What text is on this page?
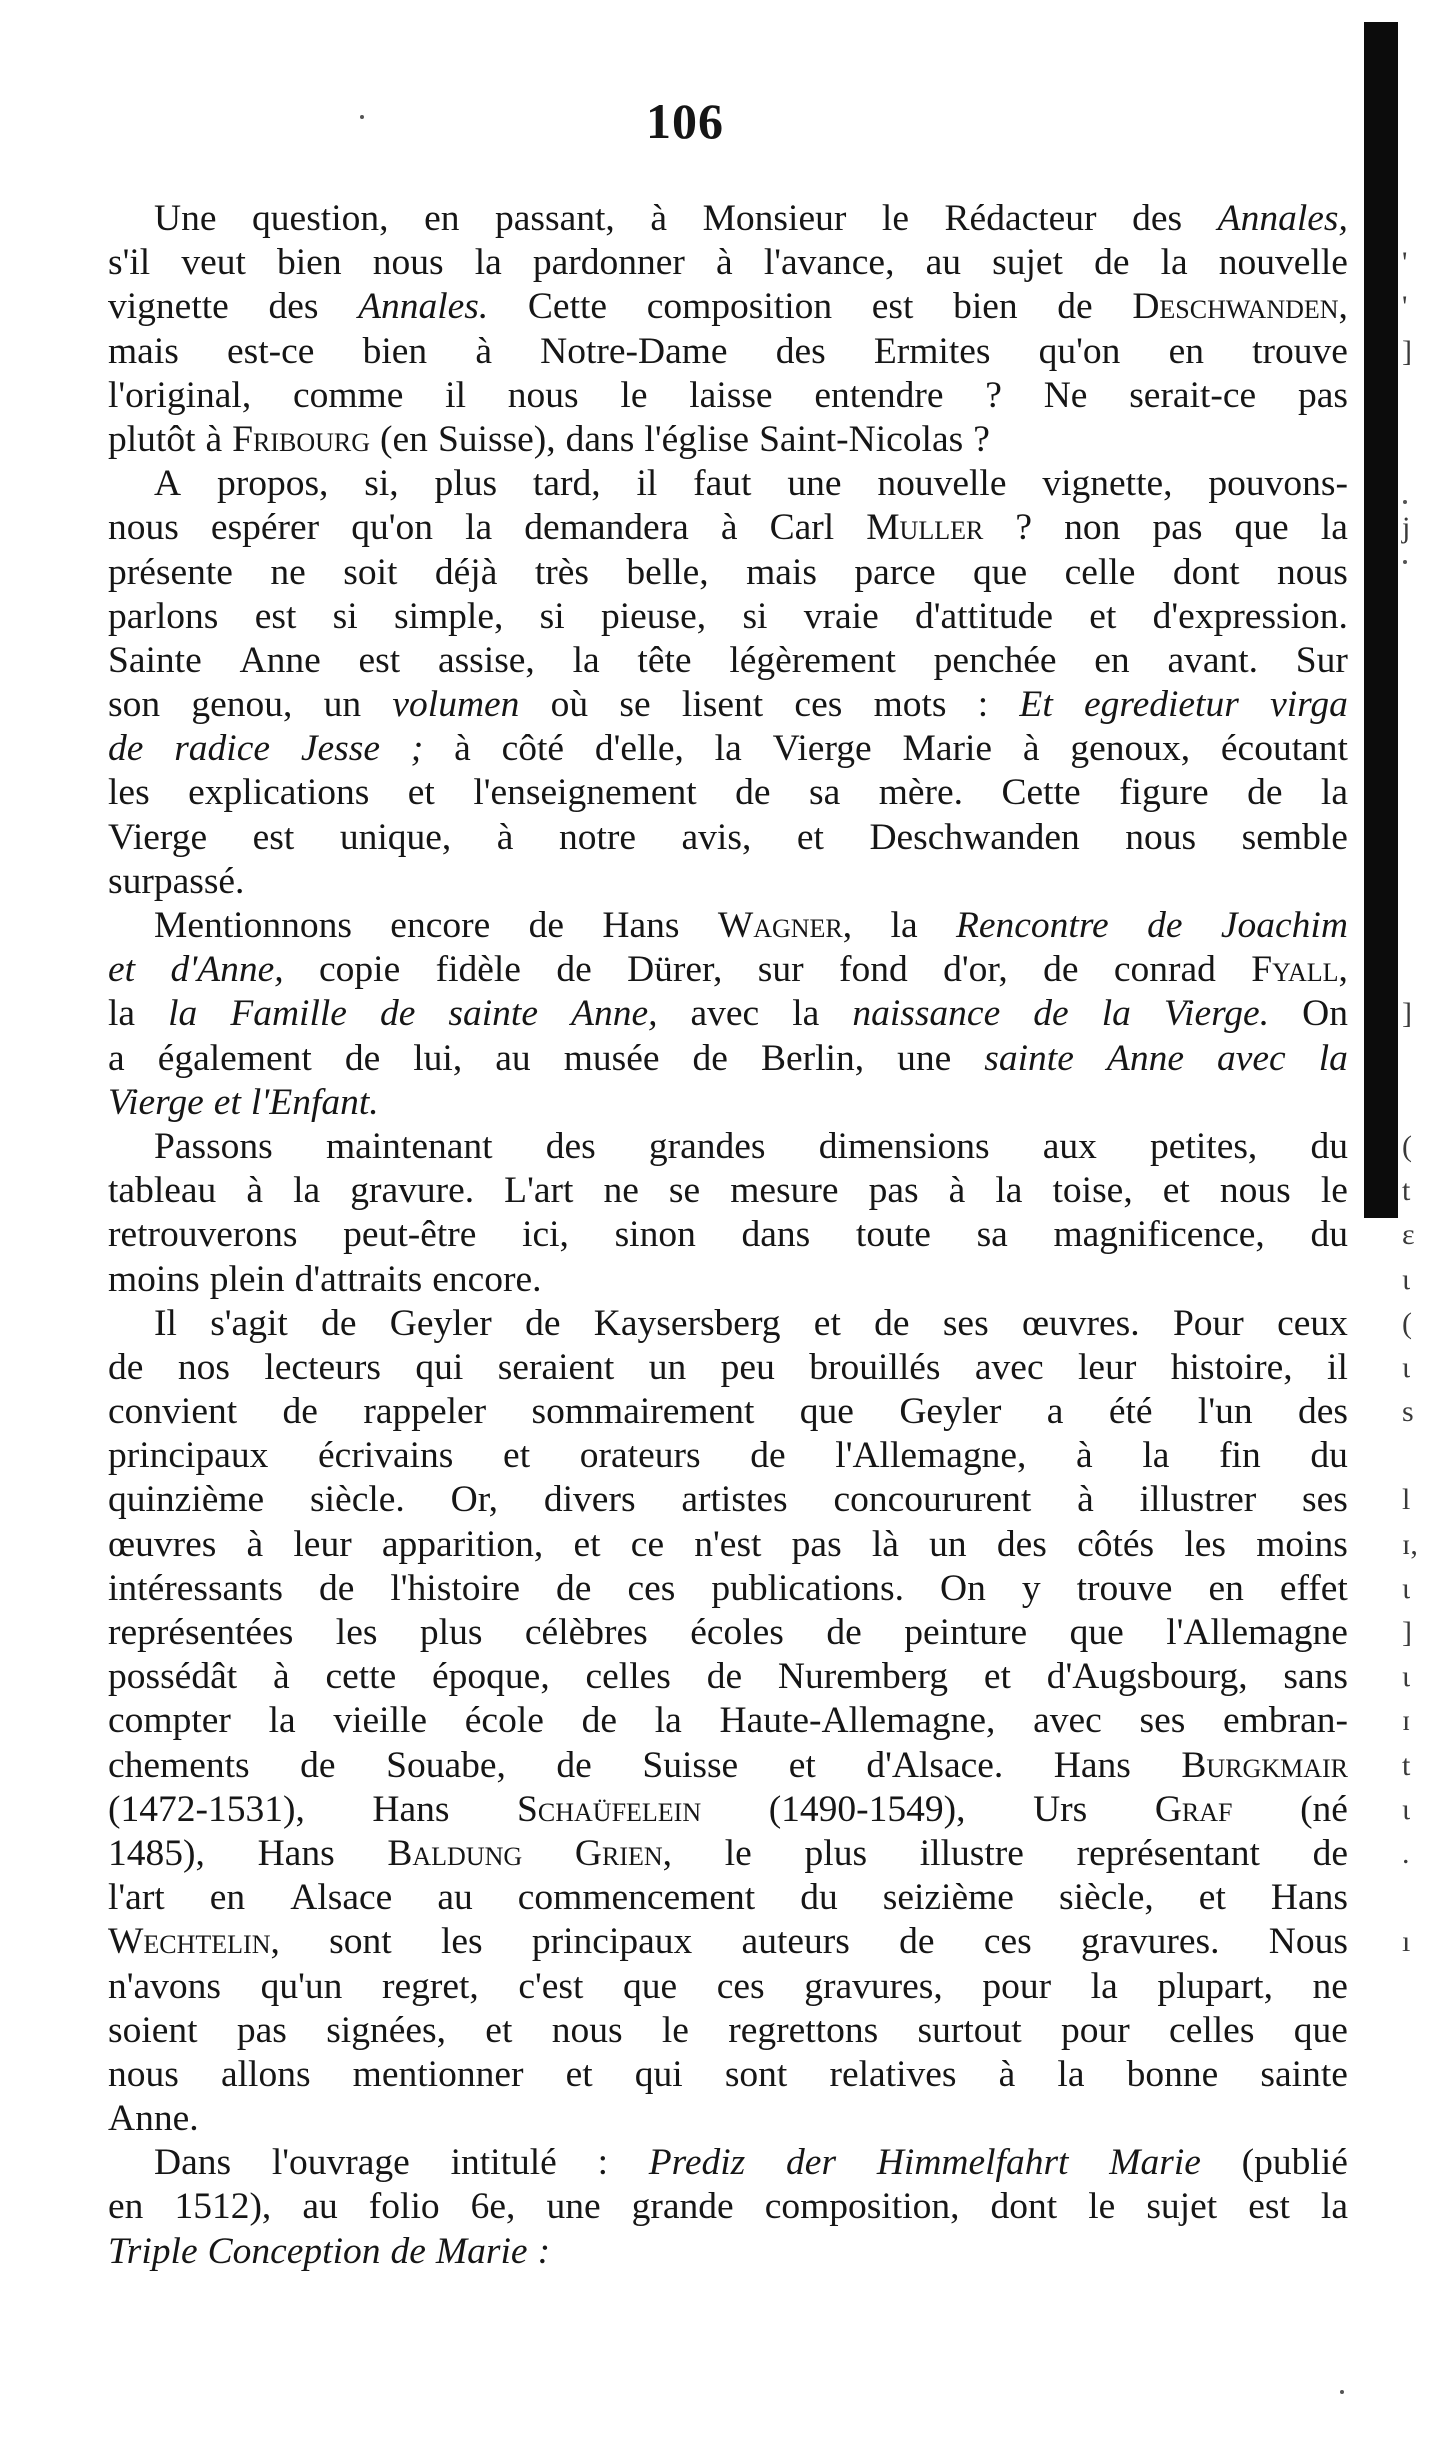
106
Une question, en passant, à Monsieur le Rédacteur des Annales,
s'il veut bien nous la pardonner à l'avance, au sujet de la nouvelle
vignette des Annales. Cette composition est bien de Deschwanden,
mais est-ce bien à Notre-Dame des Ermites qu'on en trouve
l'original, comme il nous le laisse entendre ? Ne serait-ce pas
plutôt à Fribourg (en Suisse), dans l'église Saint-Nicolas ?
A propos, si, plus tard, il faut une nouvelle vignette, pouvons-
nous espérer qu'on la demandera à Carl Muller ? non pas que la
présente ne soit déjà très belle, mais parce que celle dont nous
parlons est si simple, si pieuse, si vraie d'attitude et d'expression.
Sainte Anne est assise, la tête légèrement penchée en avant. Sur
son genou, un volumen où se lisent ces mots : Et egredietur virga
de radice Jesse ; à côté d'elle, la Vierge Marie à genoux, écoutant
les explications et l'enseignement de sa mère. Cette figure de la
Vierge est unique, à notre avis, et Deschwanden nous semble
surpassé.
Mentionnons encore de Hans Wagner, la Rencontre de Joachim
et d'Anne, copie fidèle de Dürer, sur fond d'or, de conrad Fyall,
la la Famille de sainte Anne, avec la naissance de la Vierge. On
a également de lui, au musée de Berlin, une sainte Anne avec la
Vierge et l'Enfant.
Passons maintenant des grandes dimensions aux petites, du
tableau à la gravure. L'art ne se mesure pas à la toise, et nous le
retrouverons peut-être ici, sinon dans toute sa magnificence, du
moins plein d'attraits encore.
Il s'agit de Geyler de Kaysersberg et de ses œuvres. Pour ceux
de nos lecteurs qui seraient un peu brouillés avec leur histoire, il
convient de rappeler sommairement que Geyler a été l'un des
principaux écrivains et orateurs de l'Allemagne, à la fin du
quinzième siècle. Or, divers artistes concoururent à illustrer ses
œuvres à leur apparition, et ce n'est pas là un des côtés les moins
intéressants de l'histoire de ces publications. On y trouve en effet
représentées les plus célèbres écoles de peinture que l'Allemagne
possédât à cette époque, celles de Nuremberg et d'Augsbourg, sans
compter la vieille école de la Haute-Allemagne, avec ses embran-
chements de Souabe, de Suisse et d'Alsace. Hans Burgkmair
(1472-1531), Hans Schaüfelein (1490-1549), Urs Graf (né
1485), Hans Baldung Grien, le plus illustre représentant de
l'art en Alsace au commencement du seizième siècle, et Hans
Wechtelin, sont les principaux auteurs de ces gravures. Nous
n'avons qu'un regret, c'est que ces gravures, pour la plupart, ne
soient pas signées, et nous le regrettons surtout pour celles que
nous allons mentionner et qui sont relatives à la bonne sainte
Anne.
Dans l'ouvrage intitulé : Prediz der Himmelfahrt Marie (publié
en 1512), au folio 6e, une grande composition, dont le sujet est la
Triple Conception de Marie :
'
'
]
j
]
(
t
ɛ
ι
(
ι
s
l
ɪ,
ι
]
ι
ɪ
t
ι
.
ı
